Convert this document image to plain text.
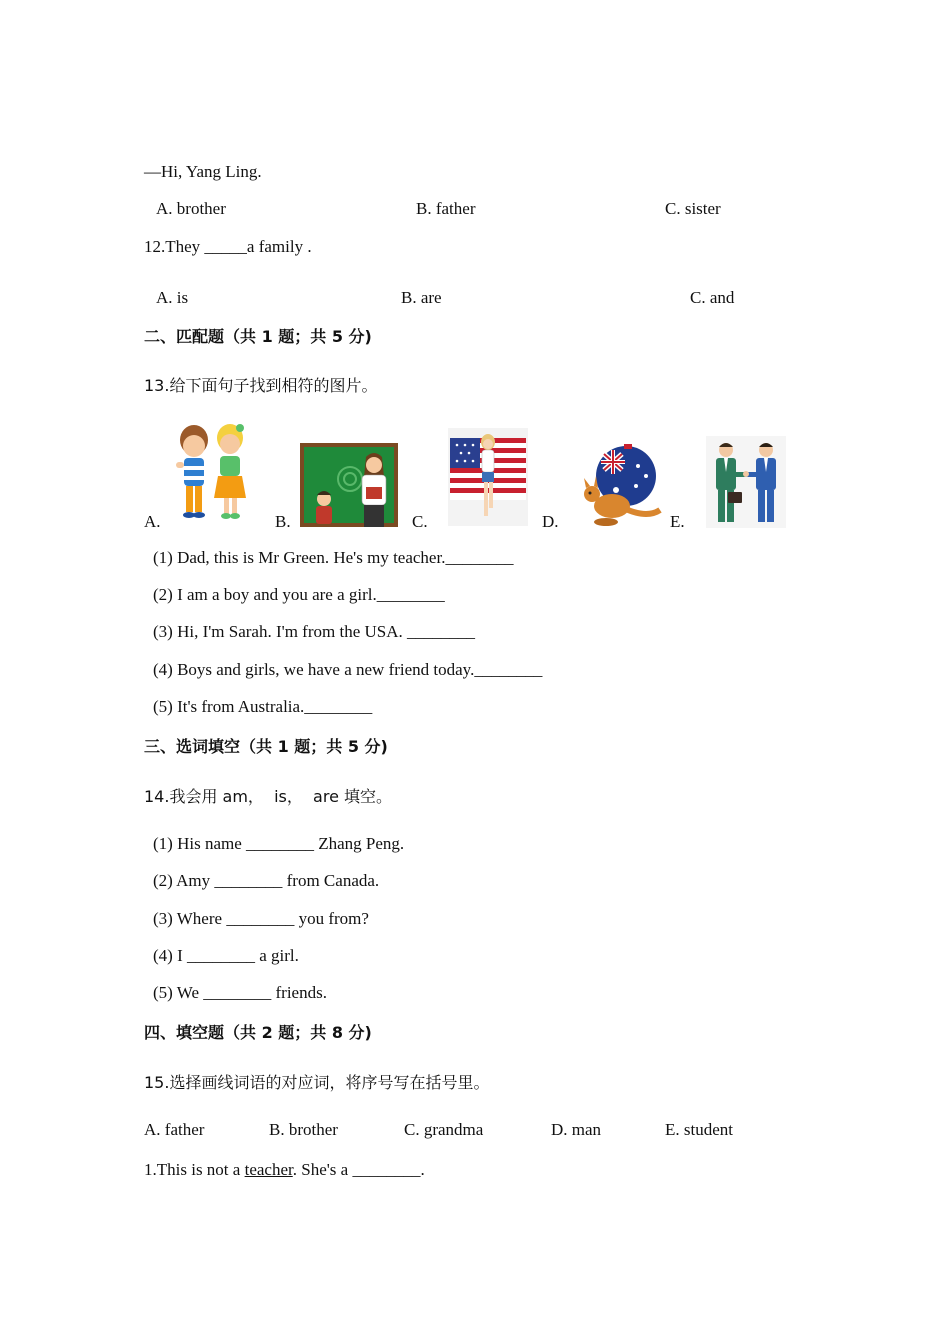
—Hi, Yang Ling.
A. brother	B. father	C. sister
12.They _____a family .
A. is	B. are	C. and
二、匹配题（共 1 题；共 5 分)
13.给下面句子找到相符的图片。
A.	B.	C.	D.	E.
(1) Dad, this is Mr Green. He's my teacher.________
(2) I am a boy and you are a girl.________
(3) Hi, I'm Sarah. I'm from the USA. ________
(4) Boys and girls, we have a new friend today.________
(5) It's from Australia.________
三、选词填空（共 1 题；共 5 分)
14.我会用 am，  is，  are 填空。
(1) His name ________ Zhang Peng.
(2) Amy ________ from Canada.
(3) Where ________ you from?
(4) I ________ a girl.
(5) We ________ friends.
四、填空题（共 2 题；共 8 分)
15.选择画线词语的对应词，将序号写在括号里。
A. father	B. brother	C. grandma	D. man	E. student
1.This is not a teacher. She's a ________.
